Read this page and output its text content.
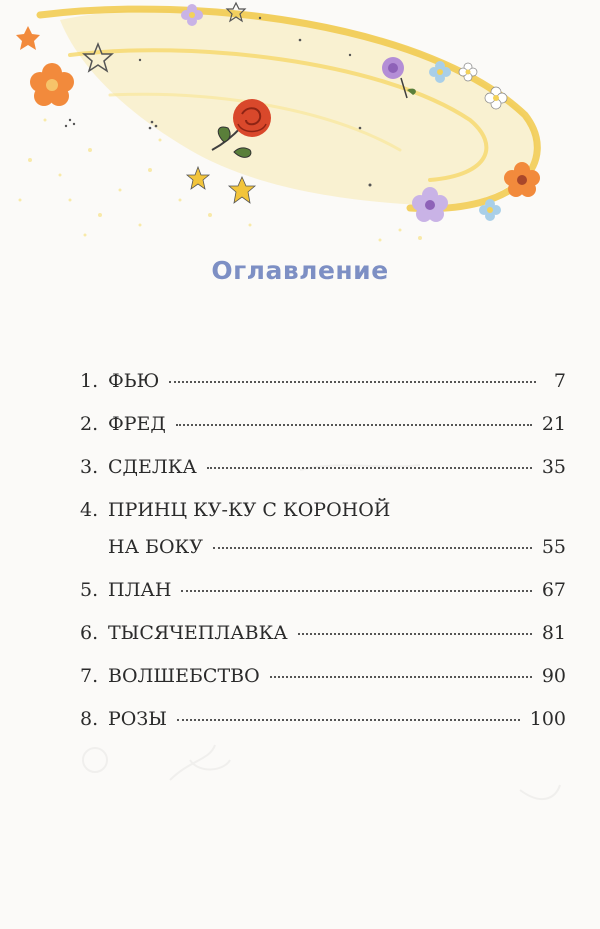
Оглавление
1. ФЬЮ	7
2. ФРЕД	21
3. СДЕЛКА	35
4. ПРИНЦ КУ-КУ С КОРОНОЙ
НА БОКУ	55
5. ПЛАН	67
6. ТЫСЯЧЕПЛАВКА	81
7. ВОЛШЕБСТВО	90
8. РОЗЫ	100
